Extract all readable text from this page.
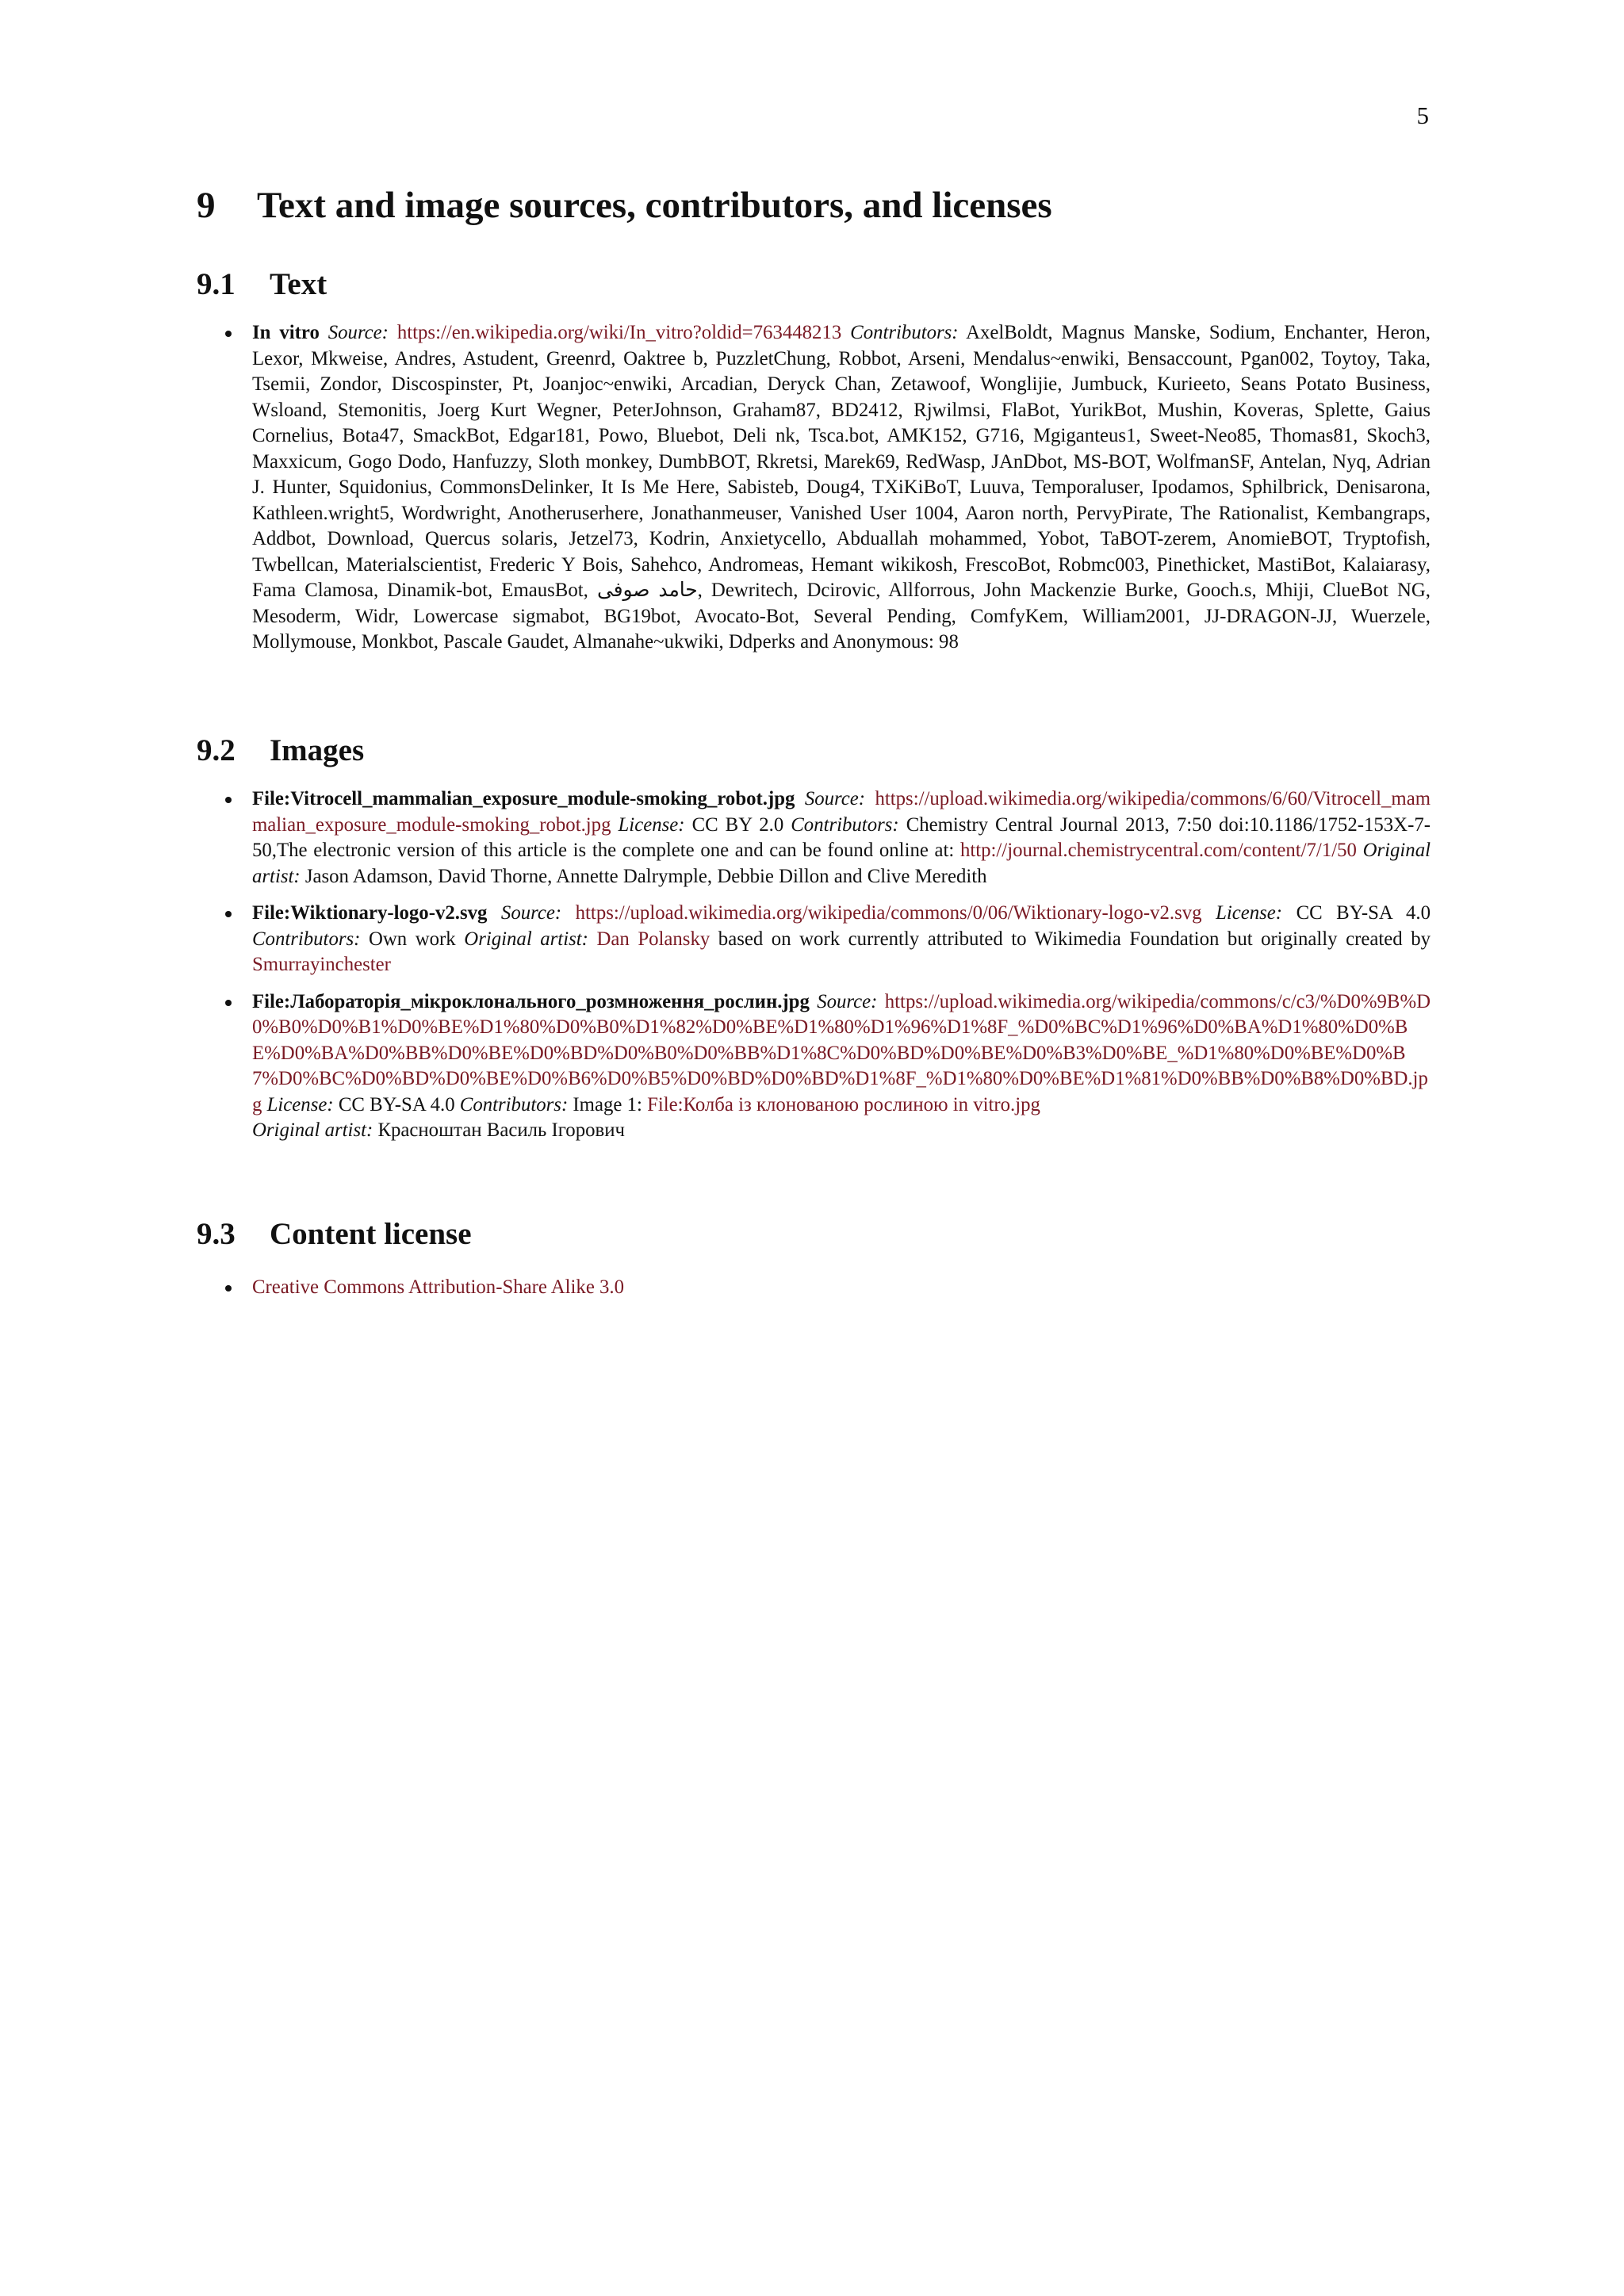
5
9 Text and image sources, contributors, and licenses
9.1 Text
In vitro Source: https://en.wikipedia.org/wiki/In_vitro?oldid=763448213 Contributors: AxelBoldt, Magnus Manske, Sodium, Enchanter, Heron, Lexor, Mkweise, Andres, Astudent, Greenrd, Oaktree b, PuzzletChung, Robbot, Arseni, Mendalus~enwiki, Bensaccount, Pgan002, Toytoy, Taka, Tsemii, Zondor, Discospinster, Pt, Joanjoc~enwiki, Arcadian, Deryck Chan, Zetawoof, Wonglijie, Jumbuck, Kurieeto, Seans Potato Business, Wsloand, Stemonitis, Joerg Kurt Wegner, PeterJohnson, Graham87, BD2412, Rjwilmsi, FlaBot, YurikBot, Mushin, Koveras, Splette, Gaius Cornelius, Bota47, SmackBot, Edgar181, Powo, Bluebot, Deli nk, Tsca.bot, AMK152, G716, Mgiganteus1, Sweet-Neo85, Thomas81, Skoch3, Maxxicum, Gogo Dodo, Hanfuzzy, Sloth monkey, DumbBOT, Rkretsi, Marek69, RedWasp, JAnDbot, MS-BOT, WolfmanSF, Antelan, Nyq, Adrian J. Hunter, Squidonius, CommonsDelinker, It Is Me Here, Sabisteb, Doug4, TXiKiBoT, Luuva, Temporaluser, Ipodamos, Sphilbrick, Denisarona, Kathleen.wright5, Wordwright, Anotheruserhere, Jonathanmeuser, Vanished User 1004, Aaron north, PervyPirate, The Rationalist, Kembangraps, Addbot, Download, Quercus solaris, Jetzel73, Kodrin, Anxietycello, Abduallah mohammed, Yobot, TaBOT-zerem, AnomieBOT, Tryptofish, Twbellcan, Materialscientist, Frederic Y Bois, Sahehco, Andromeas, Hemant wikikosh, FrescoBot, Robmc003, Pinethicket, MastiBot, Kalaiarasy, Fama Clamosa, Dinamik-bot, EmausBot, حامد صوفی, Dewritech, Dcirovic, Allforrous, John Mackenzie Burke, Gooch.s, Mhiji, ClueBot NG, Mesoderm, Widr, Lowercase sigmabot, BG19bot, Avocato-Bot, Several Pending, ComfyKem, William2001, JJ-DRAGON-JJ, Wuerzele, Mollymouse, Monkbot, Pascale Gaudet, Almanahe~ukwiki, Ddperks and Anonymous: 98
9.2 Images
File:Vitrocell_mammalian_exposure_module-smoking_robot.jpg Source: https://upload.wikimedia.org/wikipedia/commons/6/60/Vitrocell_mammalian_exposure_module-smoking_robot.jpg License: CC BY 2.0 Contributors: Chemistry Central Journal 2013, 7:50 doi:10.1186/1752-153X-7-50,The electronic version of this article is the complete one and can be found online at: http://journal.chemistrycentral.com/content/7/1/50 Original artist: Jason Adamson, David Thorne, Annette Dalrymple, Debbie Dillon and Clive Meredith
File:Wiktionary-logo-v2.svg Source: https://upload.wikimedia.org/wikipedia/commons/0/06/Wiktionary-logo-v2.svg License: CC BY-SA 4.0 Contributors: Own work Original artist: Dan Polansky based on work currently attributed to Wikimedia Foundation but originally created by Smurrayinchester
File:Лабораторія_мікроклонального_розмноження_рослин.jpg Source: https://upload.wikimedia.org/wikipedia/commons/c/c3/%D0%9B%D0%B0%D0%B1%D0%BE%D1%80%D0%B0%D1%82%D0%BE%D1%80%D1%96%D1%8F_%D0%BC%D1%96%D0%BA%D1%80%D0%BE%D0%BA%D0%BB%D0%BE%D0%BD%D0%B0%D0%BB%D1%8C%D0%BD%D0%BE%D0%B3%D0%BE_%D1%80%D0%BE%D0%B7%D0%BC%D0%BD%D0%BE%D0%B6%D0%B5%D0%BD%D0%BD%D1%8F_%D1%80%D0%BE%D1%81%D0%BB%D0%B8%D0%BD.jpg License: CC BY-SA 4.0 Contributors: Image 1: File:Колба із клонованою рослиною in vitro.jpg
Original artist: Красноштан Василь Ігорович
9.3 Content license
Creative Commons Attribution-Share Alike 3.0
